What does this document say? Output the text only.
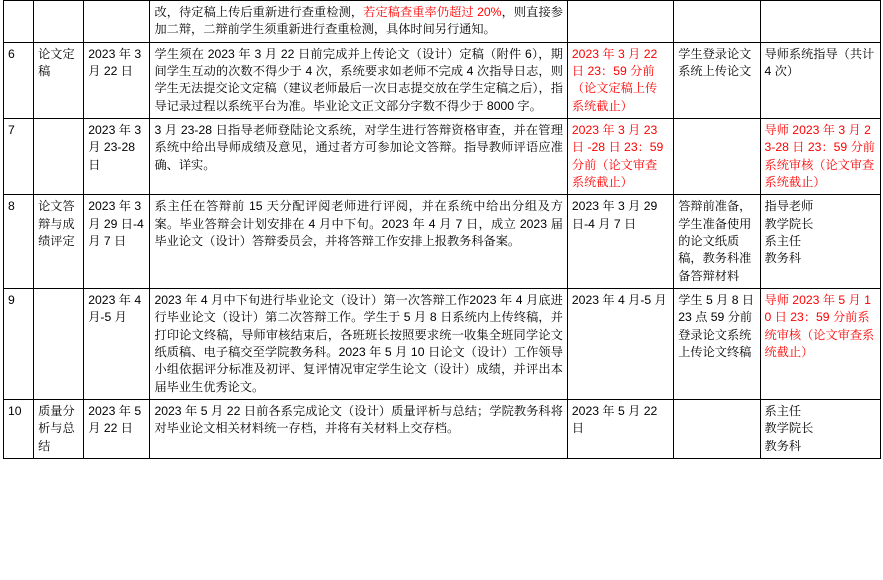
			改，待定稿上传后重新进行查重检测，若定稿查重率仍超过 20%，则直接参加二辩，二辩前学生须重新进行查重检测，具体时间另行通知。			
6	论文定稿	2023 年 3 月 22 日	学生须在 2023 年 3 月 22 日前完成并上传论文（设计）定稿（附件 6），期间学生互动的次数不得少于 4 次，系统要求如老师不完成 4 次指导日志，则学生无法提交论文定稿（建议老师最后一次日志提交放在学生定稿之后），指导记录过程以系统平台为准。毕业论文正文部分字数不得少于 8000 字。	2023 年 3 月 22 日 23：59 分前（论文定稿上传系统截止）	学生登录论文系统上传论文	导师系统指导（共计 4 次）
7		2023 年 3 月 23-28 日	3 月 23-28 日指导老师登陆论文系统，对学生进行答辩资格审查，并在管理系统中给出导师成绩及意见，通过者方可参加论文答辩。指导教师评语应准确、详实。	2023 年 3 月 23 日 -28 日 23：59 分前（论文审查系统截止）		导师 2023 年 3 月 23-28 日 23：59 分前系统审核（论文审查系统截止）
8	论文答辩与成绩评定	2023 年 3 月 29 日-4 月 7 日	系主任在答辩前 15 天分配评阅老师进行评阅，并在系统中给出分组及方案。毕业答辩会计划安排在 4 月中下旬。2023 年 4 月 7 日，成立 2023 届毕业论文（设计）答辩委员会，并将答辩工作安排上报教务科备案。	2023 年 3 月 29 日-4 月 7 日	答辩前准备，学生准备使用的论文纸质稿，教务科准备答辩材料	指导老师
教学院长
系主任
教务科
9		2023 年 4 月-5 月	2023 年 4 月中下旬进行毕业论文（设计）第一次答辩工作2023 年 4 月底进行毕业论文（设计）第二次答辩工作。学生于 5 月 8 日系统内上传终稿，并打印论文终稿，导师审核结束后，各班班长按照要求统一收集全班同学论文纸质稿、电子稿交至学院教务科。2023 年 5 月 10 日论文（设计）工作领导小组依据评分标准及初评、复评情况审定学生论文（设计）成绩，并评出本届毕业生优秀论文。	2023 年 4 月-5 月	学生 5 月 8 日 23 点 59 分前登录论文系统上传论文终稿	导师 2023 年 5 月 10 日 23：59 分前系统审核（论文审查系统截止）
10	质量分析与总结	2023 年 5 月 22 日	2023 年 5 月 22 日前各系完成论文（设计）质量评析与总结；学院教务科将对毕业论文相关材料统一存档，并将有关材料上交存档。	2023 年 5 月 22 日		系主任
教学院长
教务科
